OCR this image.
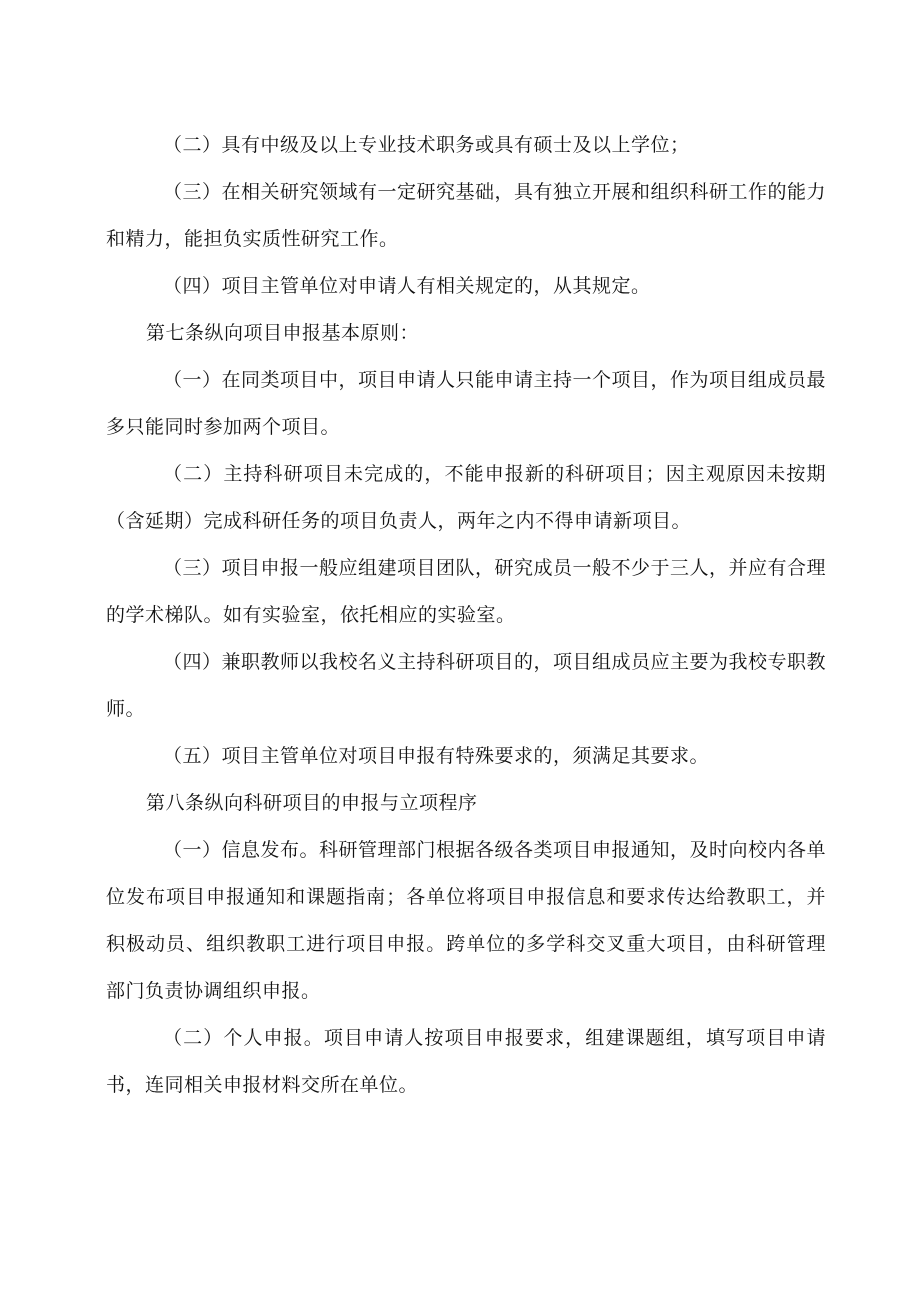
（二）具有中级及以上专业技术职务或具有硕士及以上学位；

（三）在相关研究领域有一定研究基础，具有独立开展和组织科研工作的能力和精力，能担负实质性研究工作。

（四）项目主管单位对申请人有相关规定的，从其规定。

第七条纵向项目申报基本原则：

（一）在同类项目中，项目申请人只能申请主持一个项目，作为项目组成员最多只能同时参加两个项目。

（二）主持科研项目未完成的，不能申报新的科研项目；因主观原因未按期（含延期）完成科研任务的项目负责人，两年之内不得申请新项目。

（三）项目申报一般应组建项目团队，研究成员一般不少于三人，并应有合理的学术梯队。如有实验室，依托相应的实验室。

（四）兼职教师以我校名义主持科研项目的，项目组成员应主要为我校专职教师。

（五）项目主管单位对项目申报有特殊要求的，须满足其要求。

第八条纵向科研项目的申报与立项程序

（一）信息发布。科研管理部门根据各级各类项目申报通知，及时向校内各单位发布项目申报通知和课题指南；各单位将项目申报信息和要求传达给教职工，并积极动员、组织教职工进行项目申报。跨单位的多学科交叉重大项目，由科研管理部门负责协调组织申报。

（二）个人申报。项目申请人按项目申报要求，组建课题组，填写项目申请书，连同相关申报材料交所在单位。
